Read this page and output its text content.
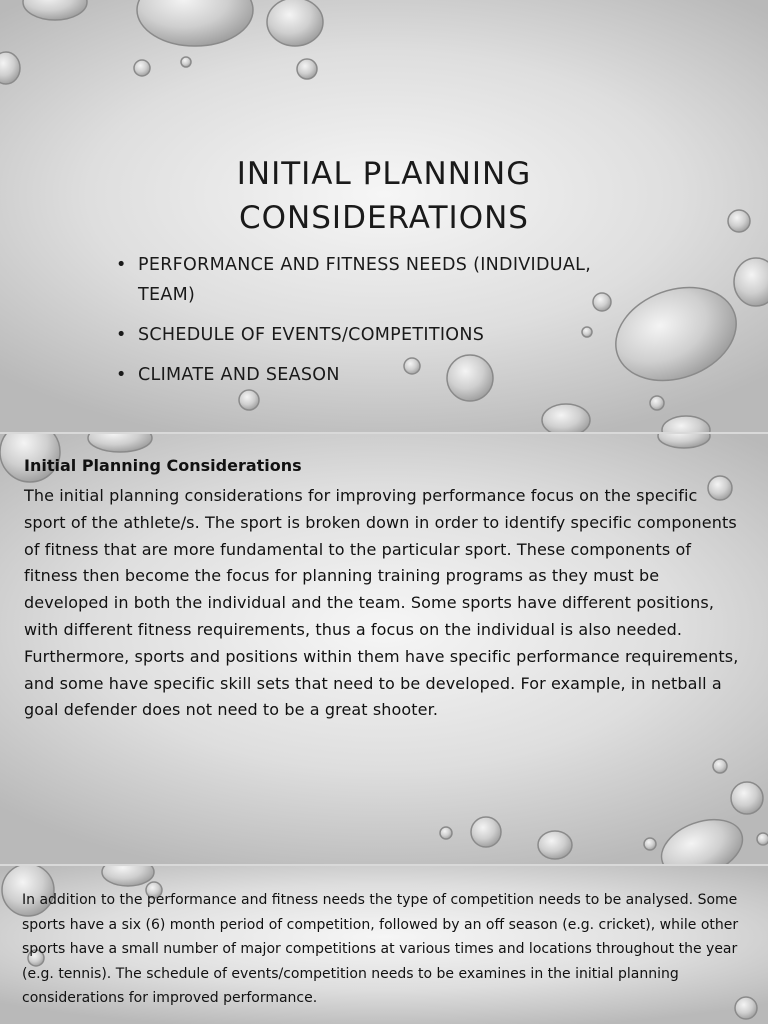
INITIAL PLANNING
CONSIDERATIONS
• PERFORMANCE AND FITNESS NEEDS (INDIVIDUAL, TEAM)
• SCHEDULE OF EVENTS/COMPETITIONS
• CLIMATE AND SEASON
Initial Planning Considerations
The initial planning considerations for improving performance focus on the specific sport of the athlete/s. The sport is broken down in order to identify specific components of fitness that are more fundamental to the particular sport. These components of fitness then become the focus for planning training programs as they must be developed in both the individual and the team. Some sports have different positions, with different fitness requirements, thus a focus on the individual is also needed. Furthermore, sports and positions within them have specific performance requirements, and some have specific skill sets that need to be developed. For example, in netball a goal defender does not need to be a great shooter.
In addition to the performance and fitness needs the type of competition needs to be analysed. Some sports have a six (6) month period of competition, followed by an off season (e.g. cricket), while other sports have a small number of major competitions at various times and locations throughout the year (e.g. tennis). The schedule of events/competition needs to be examines in the initial planning considerations for improved performance.
